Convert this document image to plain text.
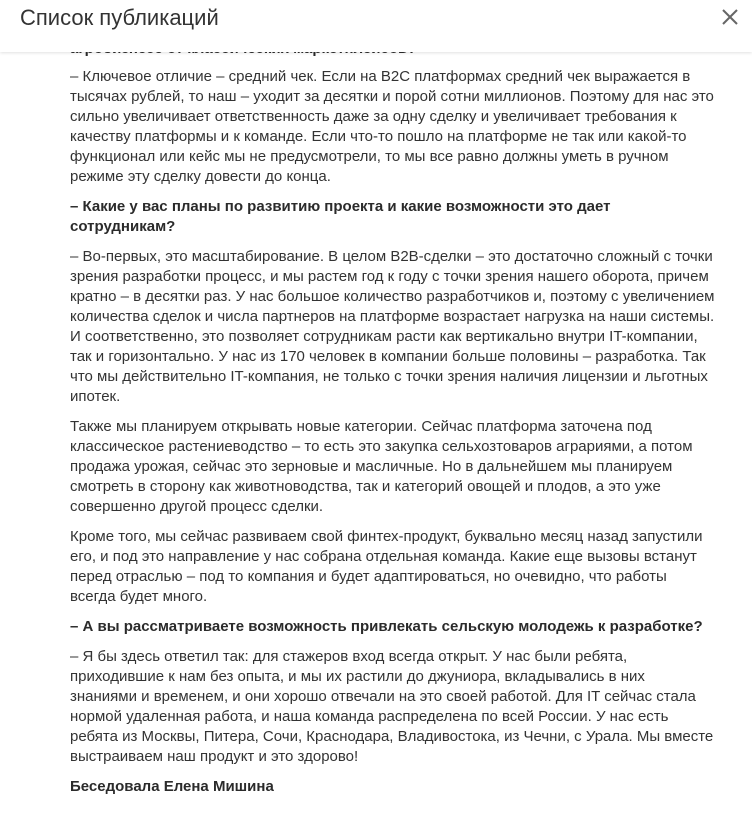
Список публикаций

– Ключевое отличие – средний чек. Если на B2C платформах средний чек выражается в тысячах рублей, то наш – уходит за десятки и порой сотни миллионов. Поэтому для нас это сильно увеличивает ответственность даже за одну сделку и увеличивает требования к качеству платформы и к команде. Если что-то пошло на платформе не так или какой-то функционал или кейс мы не предусмотрели, то мы все равно должны уметь в ручном режиме эту сделку довести до конца.

– Какие у вас планы по развитию проекта и какие возможности это дает сотрудникам?

– Во-первых, это масштабирование. В целом B2B-сделки – это достаточно сложный с точки зрения разработки процесс, и мы растем год к году с точки зрения нашего оборота, причем кратно – в десятки раз. У нас большое количество разработчиков и, поэтому с увеличением количества сделок и числа партнеров на платформе возрастает нагрузка на наши системы. И соответственно, это позволяет сотрудникам расти как вертикально внутри IT-компании, так и горизонтально. У нас из 170 человек в компании больше половины – разработка. Так что мы действительно IT-компания, не только с точки зрения наличия лицензии и льготных ипотек.

Также мы планируем открывать новые категории. Сейчас платформа заточена под классическое растениеводство – то есть это закупка сельхозтоваров аграриями, а потом продажа урожая, сейчас это зерновые и масличные. Но в дальнейшем мы планируем смотреть в сторону как животноводства, так и категорий овощей и плодов, а это уже совершенно другой процесс сделки.

Кроме того, мы сейчас развиваем свой финтех-продукт, буквально месяц назад запустили его, и под это направление у нас собрана отдельная команда. Какие еще вызовы встанут перед отраслью – под то компания и будет адаптироваться, но очевидно, что работы всегда будет много.

– А вы рассматриваете возможность привлекать сельскую молодежь к разработке?

– Я бы здесь ответил так: для стажеров вход всегда открыт. У нас были ребята, приходившие к нам без опыта, и мы их растили до джуниора, вкладывались в них знаниями и временем, и они хорошо отвечали на это своей работой. Для IT сейчас стала нормой удаленная работа, и наша команда распределена по всей России. У нас есть ребята из Москвы, Питера, Сочи, Краснодара, Владивостока, из Чечни, с Урала. Мы вместе выстраиваем наш продукт и это здорово!

Беседовала Елена Мишина
